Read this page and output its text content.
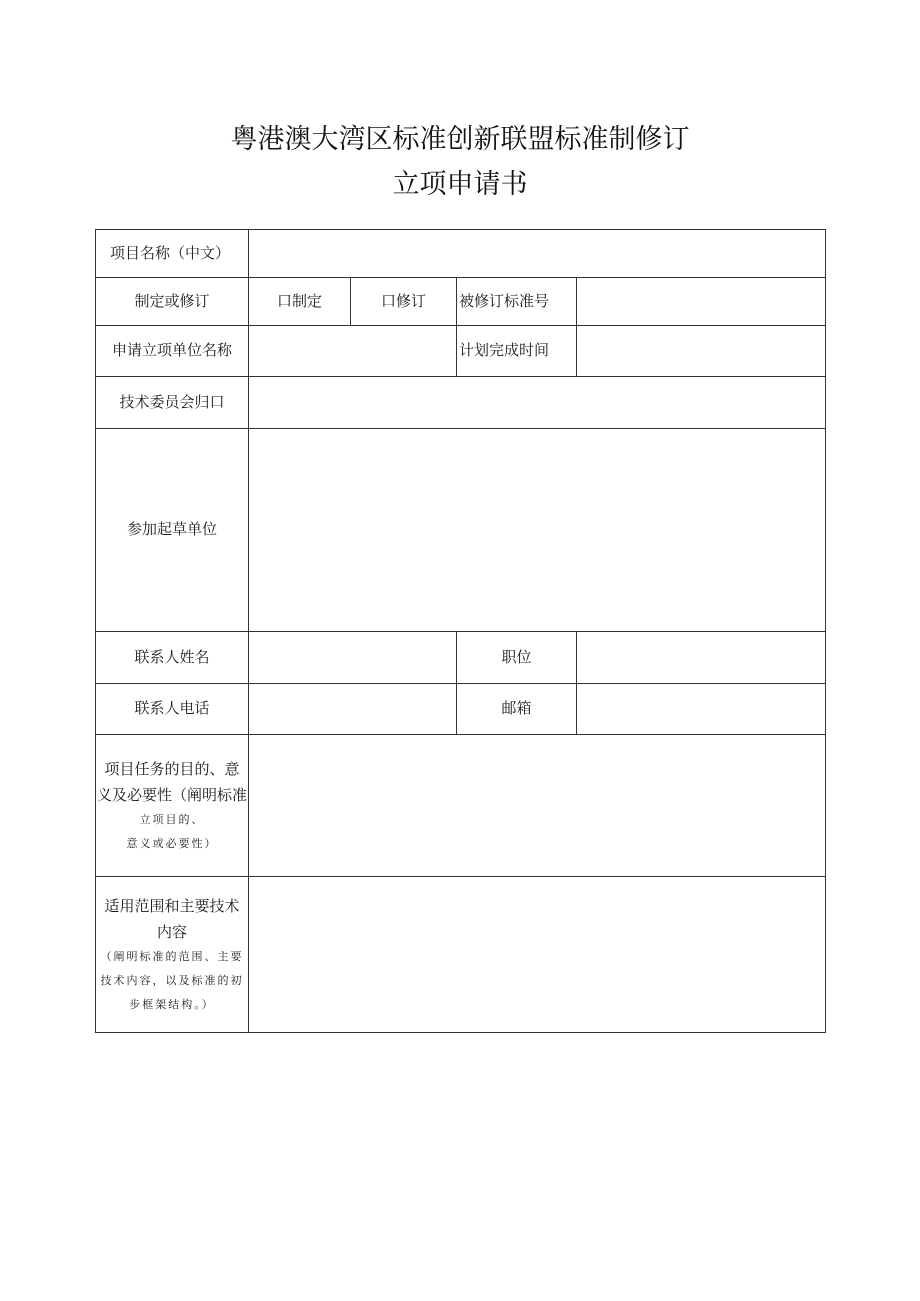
粤港澳大湾区标准创新联盟标准制修订
立项申请书
项目名称（中文）				
制定或修订	口制定	口修订	被修订标准号	
申请立项单位名称			计划完成时间	
技术委员会归口				
参加起草单位				
联系人姓名			职位	
联系人电话			邮箱	

项目任务的目的、意
义及必要性（阐明标准
立项目的、
意义或必要性）				

适用范围和主要技术
内容
（阐明标准的范围、主要
技术内容，以及标准的初
步框架结构。）				
